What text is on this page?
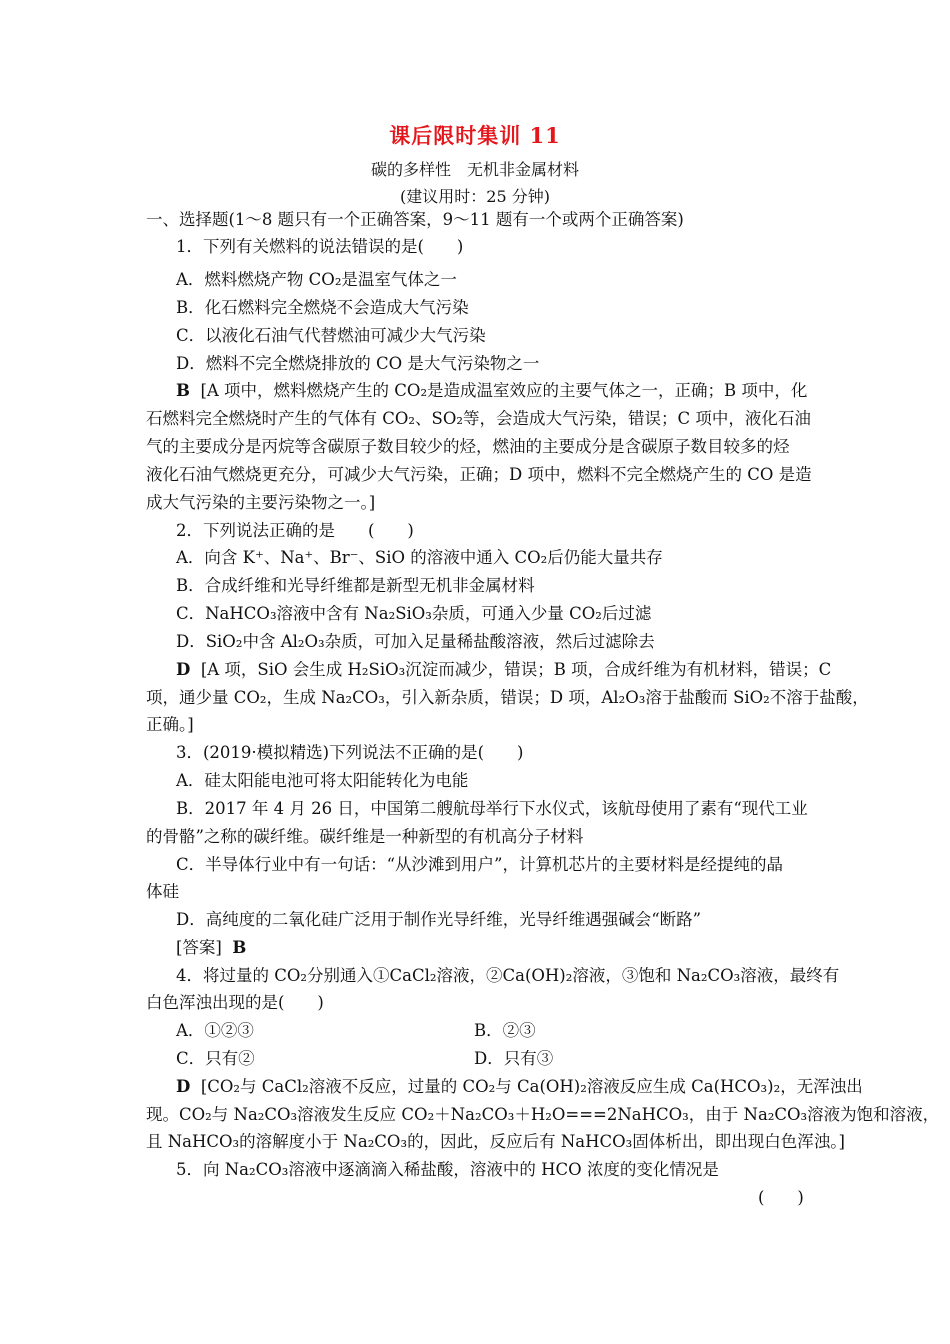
课后限时集训 11
碳的多样性　无机非金属材料
(建议用时：25 分钟)
一、选择题(1～8 题只有一个正确答案，9～11 题有一个或两个正确答案)
1．下列有关燃料的说法错误的是(　　)
A．燃料燃烧产物 CO₂是温室气体之一
B．化石燃料完全燃烧不会造成大气污染
C．以液化石油气代替燃油可减少大气污染
D．燃料不完全燃烧排放的 CO 是大气污染物之一
B [A 项中，燃料燃烧产生的 CO₂是造成温室效应的主要气体之一，正确；B 项中，化
石燃料完全燃烧时产生的气体有 CO₂、SO₂等，会造成大气污染，错误；C 项中，液化石油
气的主要成分是丙烷等含碳原子数目较少的烃，燃油的主要成分是含碳原子数目较多的烃
液化石油气燃烧更充分，可减少大气污染，正确；D 项中，燃料不完全燃烧产生的 CO 是造
成大气污染的主要污染物之一。]
2．下列说法正确的是　　(　　)
A．向含 K⁺、Na⁺、Br⁻、SiO 的溶液中通入 CO₂后仍能大量共存
B．合成纤维和光导纤维都是新型无机非金属材料
C．NaHCO₃溶液中含有 Na₂SiO₃杂质，可通入少量 CO₂后过滤
D．SiO₂中含 Al₂O₃杂质，可加入足量稀盐酸溶液，然后过滤除去
D [A 项，SiO 会生成 H₂SiO₃沉淀而减少，错误；B 项，合成纤维为有机材料，错误；C
项，通少量 CO₂，生成 Na₂CO₃，引入新杂质，错误；D 项，Al₂O₃溶于盐酸而 SiO₂不溶于盐酸，
正确。]
3．(2019·模拟精选)下列说法不正确的是(　　)
A．硅太阳能电池可将太阳能转化为电能
B．2017 年 4 月 26 日，中国第二艘航母举行下水仪式，该航母使用了素有“现代工业
的骨骼”之称的碳纤维。碳纤维是一种新型的有机高分子材料
C．半导体行业中有一句话：“从沙滩到用户”，计算机芯片的主要材料是经提纯的晶
体硅
D．高纯度的二氧化硅广泛用于制作光导纤维，光导纤维遇强碱会“断路”
[答案] B
4．将过量的 CO₂分别通入①CaCl₂溶液，②Ca(OH)₂溶液，③饱和 Na₂CO₃溶液，最终有
白色浑浊出现的是(　　)
A．①②③	B．②③
C．只有②	D．只有③
D [CO₂与 CaCl₂溶液不反应，过量的 CO₂与 Ca(OH)₂溶液反应生成 Ca(HCO₃)₂，无浑浊出
现。CO₂与 Na₂CO₃溶液发生反应 CO₂＋Na₂CO₃＋H₂O===2NaHCO₃，由于 Na₂CO₃溶液为饱和溶液，
且 NaHCO₃的溶解度小于 Na₂CO₃的，因此，反应后有 NaHCO₃固体析出，即出现白色浑浊。]
5．向 Na₂CO₃溶液中逐滴滴入稀盐酸，溶液中的 HCO 浓度的变化情况是
(　　)
